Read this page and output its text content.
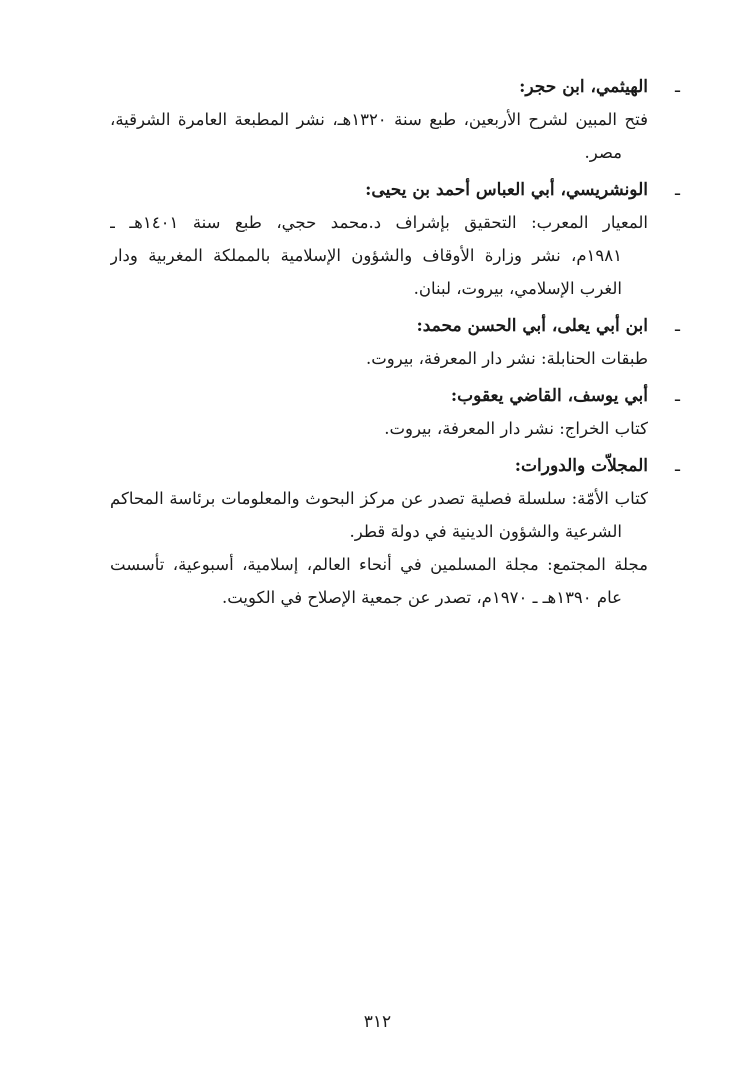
ـ
الهيثمي، ابن حجر:
فتح المبين لشرح الأربعين، طبع سنة ١٣٢٠هـ، نشر المطبعة العامرة الشرقية،
مصر.
ـ
الونشريسي، أبي العباس أحمد بن يحيى:
المعيار المعرب: التحقيق بإشراف د.محمد حجي، طبع سنة ١٤٠١هـ ـ
١٩٨١م، نشر وزارة الأوقاف والشؤون الإسلامية بالمملكة المغربية ودار
الغرب الإسلامي، بيروت، لبنان.
ـ
ابن أبي يعلى، أبي الحسن محمد:
طبقات الحنابلة: نشر دار المعرفة، بيروت.
ـ
أبي يوسف، القاضي يعقوب:
كتاب الخراج: نشر دار المعرفة، بيروت.
ـ
المجلاّت والدورات:
كتاب الأمّة: سلسلة فصلية تصدر عن مركز البحوث والمعلومات برئاسة المحاكم
الشرعية والشؤون الدينية في دولة قطر.
مجلة المجتمع: مجلة المسلمين في أنحاء العالم، إسلامية، أسبوعية، تأسست
عام ١٣٩٠هـ ـ ١٩٧٠م، تصدر عن جمعية الإصلاح في الكويت.
٣١٢
